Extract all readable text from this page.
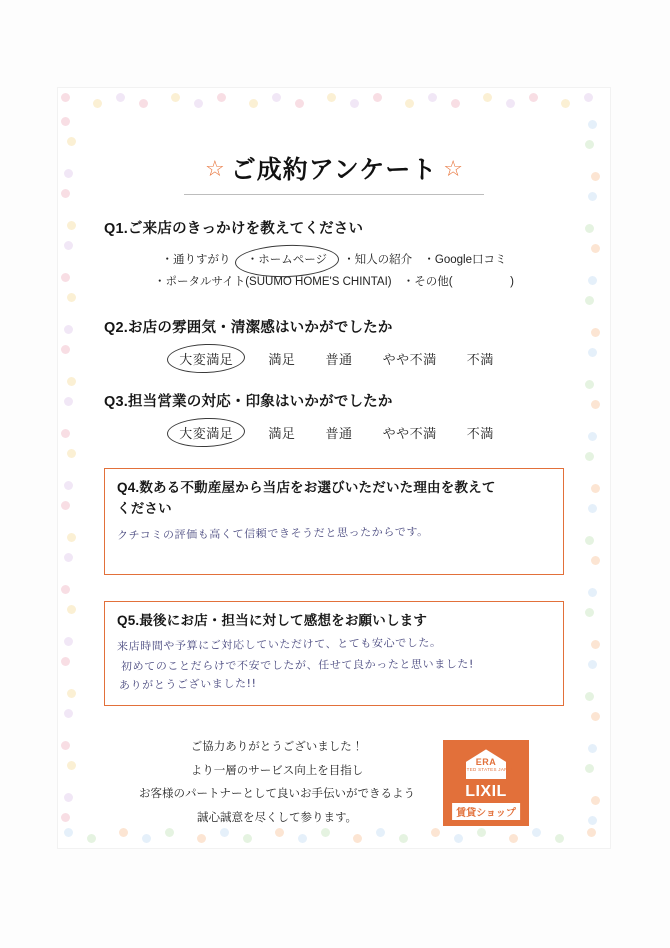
☆ ご成約アンケート ☆
Q1.ご来店のきっかけを教えてください
・通りすがり ・ホームページ ・知人の紹介 ・Google口コミ
・ポータルサイト(SUUMO HOME'S CHINTAI) ・その他(　　　　　)
Q2.お店の雰囲気・清潔感はいかがでしたか
大変満足	満足 普通 やや不満 不満
Q3.担当営業の対応・印象はいかがでしたか
大変満足	満足 普通 やや不満 不満
Q4.数ある不動産屋から当店をお選びいただいた理由を教えて
ください
クチコミの評価も高くて信頼できそうだと思ったからです。
Q5.最後にお店・担当に対して感想をお願いします
来店時間や予算にご対応していただけて、とても安心でした。
初めてのことだらけで不安でしたが、任せて良かったと思いました!
ありがとうございました!!
ご協力ありがとうございました！
より一層のサービス向上を目指し
お客様のパートナーとして良いお手伝いができるよう
誠心誠意を尽くして参ります。
ERA
UNITED STATES JAPAN
LIXIL
賃貸ショップ
